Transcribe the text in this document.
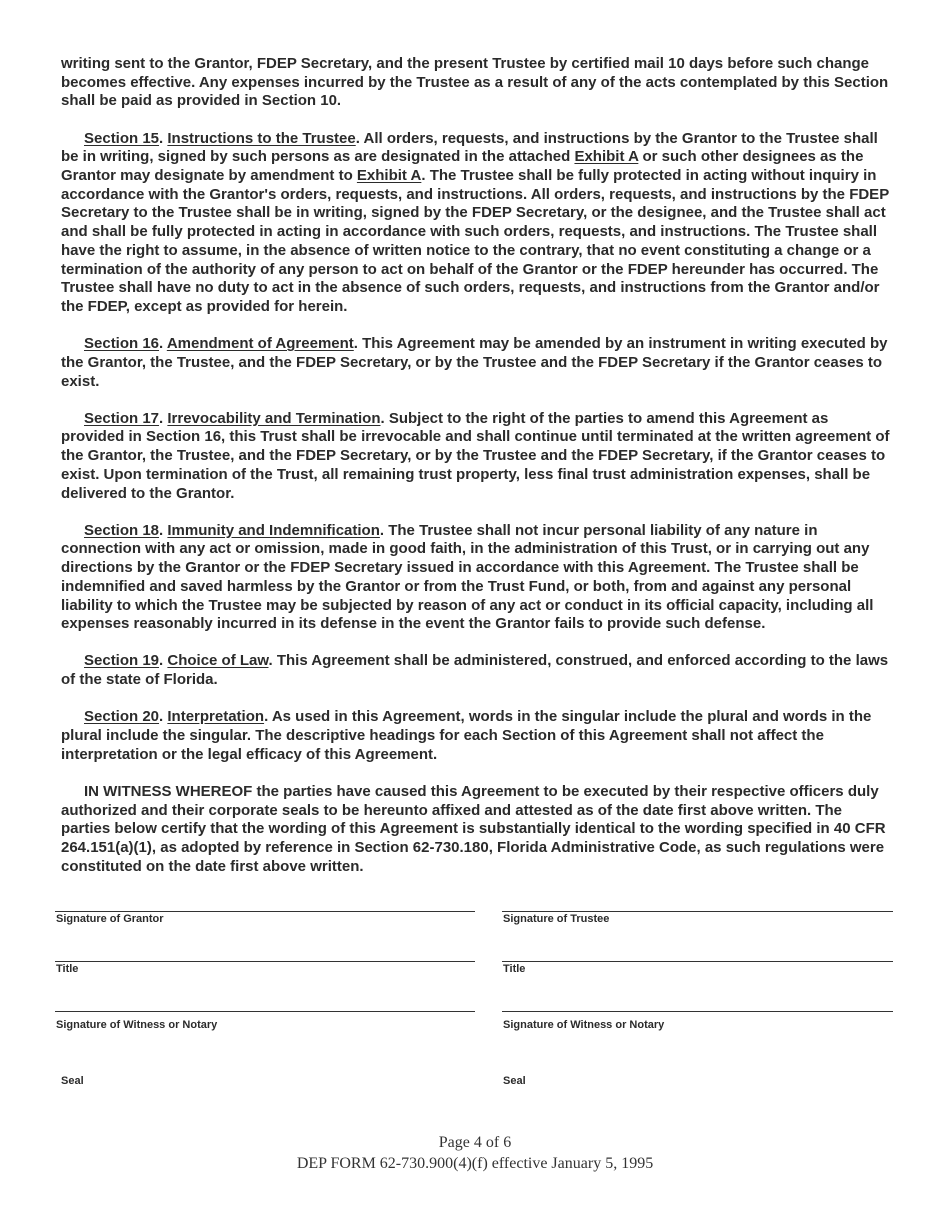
writing sent to the Grantor, FDEP Secretary, and the present Trustee by certified mail 10 days before such change becomes effective. Any expenses incurred by the Trustee as a result of any of the acts contemplated by this Section shall be paid as provided in Section 10.

Section 15. Instructions to the Trustee. All orders, requests, and instructions by the Grantor to the Trustee shall be in writing, signed by such persons as are designated in the attached Exhibit A or such other designees as the Grantor may designate by amendment to Exhibit A. The Trustee shall be fully protected in acting without inquiry in accordance with the Grantor's orders, requests, and instructions. All orders, requests, and instructions by the FDEP Secretary to the Trustee shall be in writing, signed by the FDEP Secretary, or the designee, and the Trustee shall act and shall be fully protected in acting in accordance with such orders, requests, and instructions. The Trustee shall have the right to assume, in the absence of written notice to the contrary, that no event constituting a change or a termination of the authority of any person to act on behalf of the Grantor or the FDEP hereunder has occurred. The Trustee shall have no duty to act in the absence of such orders, requests, and instructions from the Grantor and/or the FDEP, except as provided for herein.

Section 16. Amendment of Agreement. This Agreement may be amended by an instrument in writing executed by the Grantor, the Trustee, and the FDEP Secretary, or by the Trustee and the FDEP Secretary if the Grantor ceases to exist.

Section 17. Irrevocability and Termination. Subject to the right of the parties to amend this Agreement as provided in Section 16, this Trust shall be irrevocable and shall continue until terminated at the written agreement of the Grantor, the Trustee, and the FDEP Secretary, or by the Trustee and the FDEP Secretary, if the Grantor ceases to exist. Upon termination of the Trust, all remaining trust property, less final trust administration expenses, shall be delivered to the Grantor.

Section 18. Immunity and Indemnification. The Trustee shall not incur personal liability of any nature in connection with any act or omission, made in good faith, in the administration of this Trust, or in carrying out any directions by the Grantor or the FDEP Secretary issued in accordance with this Agreement. The Trustee shall be indemnified and saved harmless by the Grantor or from the Trust Fund, or both, from and against any personal liability to which the Trustee may be subjected by reason of any act or conduct in its official capacity, including all expenses reasonably incurred in its defense in the event the Grantor fails to provide such defense.

Section 19. Choice of Law. This Agreement shall be administered, construed, and enforced according to the laws of the state of Florida.

Section 20. Interpretation. As used in this Agreement, words in the singular include the plural and words in the plural include the singular. The descriptive headings for each Section of this Agreement shall not affect the interpretation or the legal efficacy of this Agreement.

IN WITNESS WHEREOF the parties have caused this Agreement to be executed by their respective officers duly authorized and their corporate seals to be hereunto affixed and attested as of the date first above written. The parties below certify that the wording of this Agreement is substantially identical to the wording specified in 40 CFR 264.151(a)(1), as adopted by reference in Section 62-730.180, Florida Administrative Code, as such regulations were constituted on the date first above written.

Signature of Grantor
Title
Signature of Witness or Notary
Seal
Signature of Trustee
Title
Signature of Witness or Notary
Seal
Page 4 of 6
DEP FORM 62-730.900(4)(f) effective January 5, 1995
